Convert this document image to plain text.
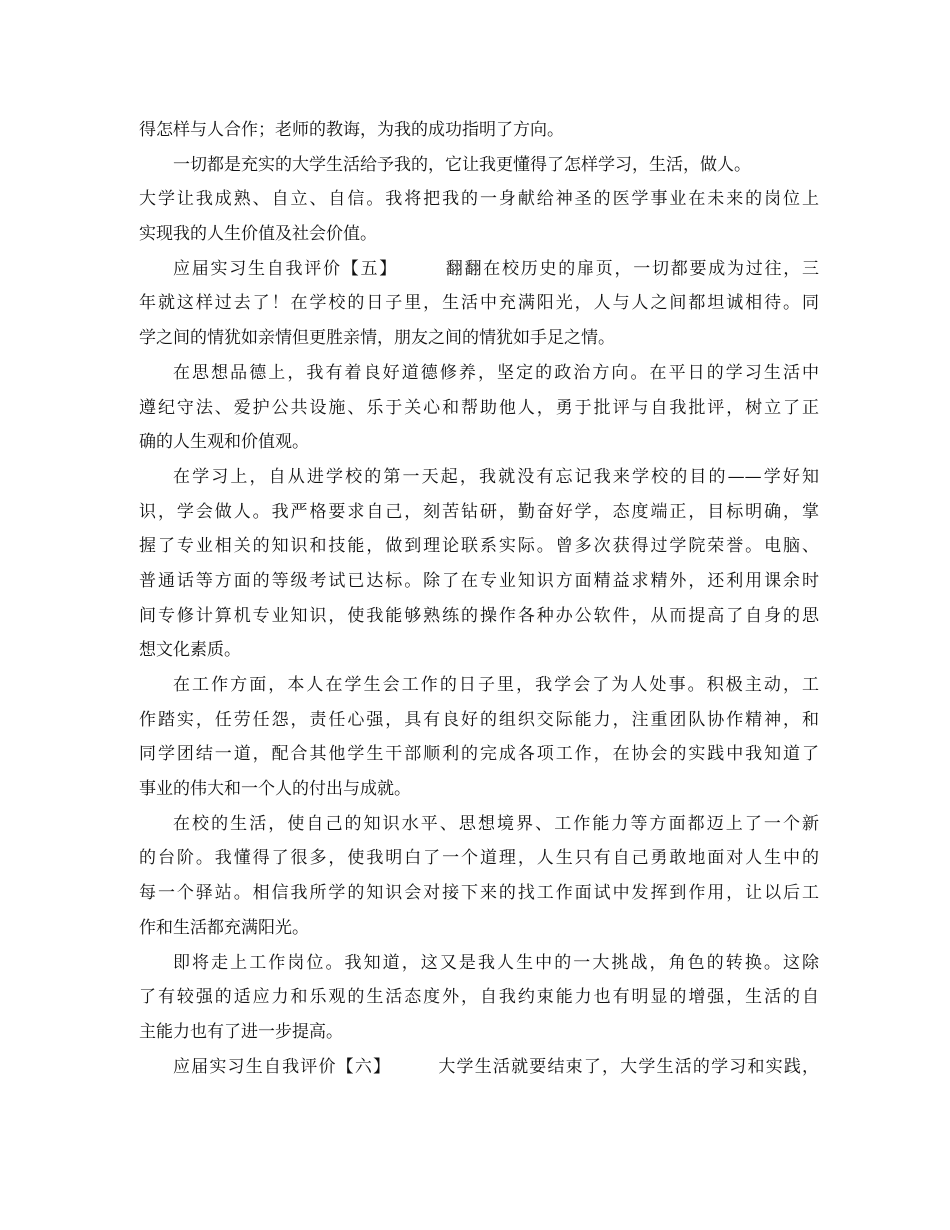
得怎样与人合作；老师的教诲，为我的成功指明了方向。
一切都是充实的大学生活给予我的，它让我更懂得了怎样学习，生活，做人。
大学让我成熟、自立、自信。我将把我的一身献给神圣的医学事业在未来的岗位上
实现我的人生价值及社会价值。
应届实习生自我评价【五】	翻翻在校历史的扉页，一切都要成为过往，三
年就这样过去了！在学校的日子里，生活中充满阳光，人与人之间都坦诚相待。同
学之间的情犹如亲情但更胜亲情，朋友之间的情犹如手足之情。
在思想品德上，我有着良好道德修养，坚定的政治方向。在平日的学习生活中
遵纪守法、爱护公共设施、乐于关心和帮助他人，勇于批评与自我批评，树立了正
确的人生观和价值观。
在学习上，自从进学校的第一天起，我就没有忘记我来学校的目的——学好知
识，学会做人。我严格要求自己，刻苦钻研，勤奋好学，态度端正，目标明确，掌
握了专业相关的知识和技能，做到理论联系实际。曾多次获得过学院荣誉。电脑、
普通话等方面的等级考试已达标。除了在专业知识方面精益求精外，还利用课余时
间专修计算机专业知识，使我能够熟练的操作各种办公软件，从而提高了自身的思
想文化素质。
在工作方面，本人在学生会工作的日子里，我学会了为人处事。积极主动，工
作踏实，任劳任怨，责任心强，具有良好的组织交际能力，注重团队协作精神，和
同学团结一道，配合其他学生干部顺利的完成各项工作，在协会的实践中我知道了
事业的伟大和一个人的付出与成就。
在校的生活，使自己的知识水平、思想境界、工作能力等方面都迈上了一个新
的台阶。我懂得了很多，使我明白了一个道理，人生只有自己勇敢地面对人生中的
每一个驿站。相信我所学的知识会对接下来的找工作面试中发挥到作用，让以后工
作和生活都充满阳光。
即将走上工作岗位。我知道，这又是我人生中的一大挑战，角色的转换。这除
了有较强的适应力和乐观的生活态度外，自我约束能力也有明显的增强，生活的自
主能力也有了进一步提高。
应届实习生自我评价【六】	大学生活就要结束了，大学生活的学习和实践，
